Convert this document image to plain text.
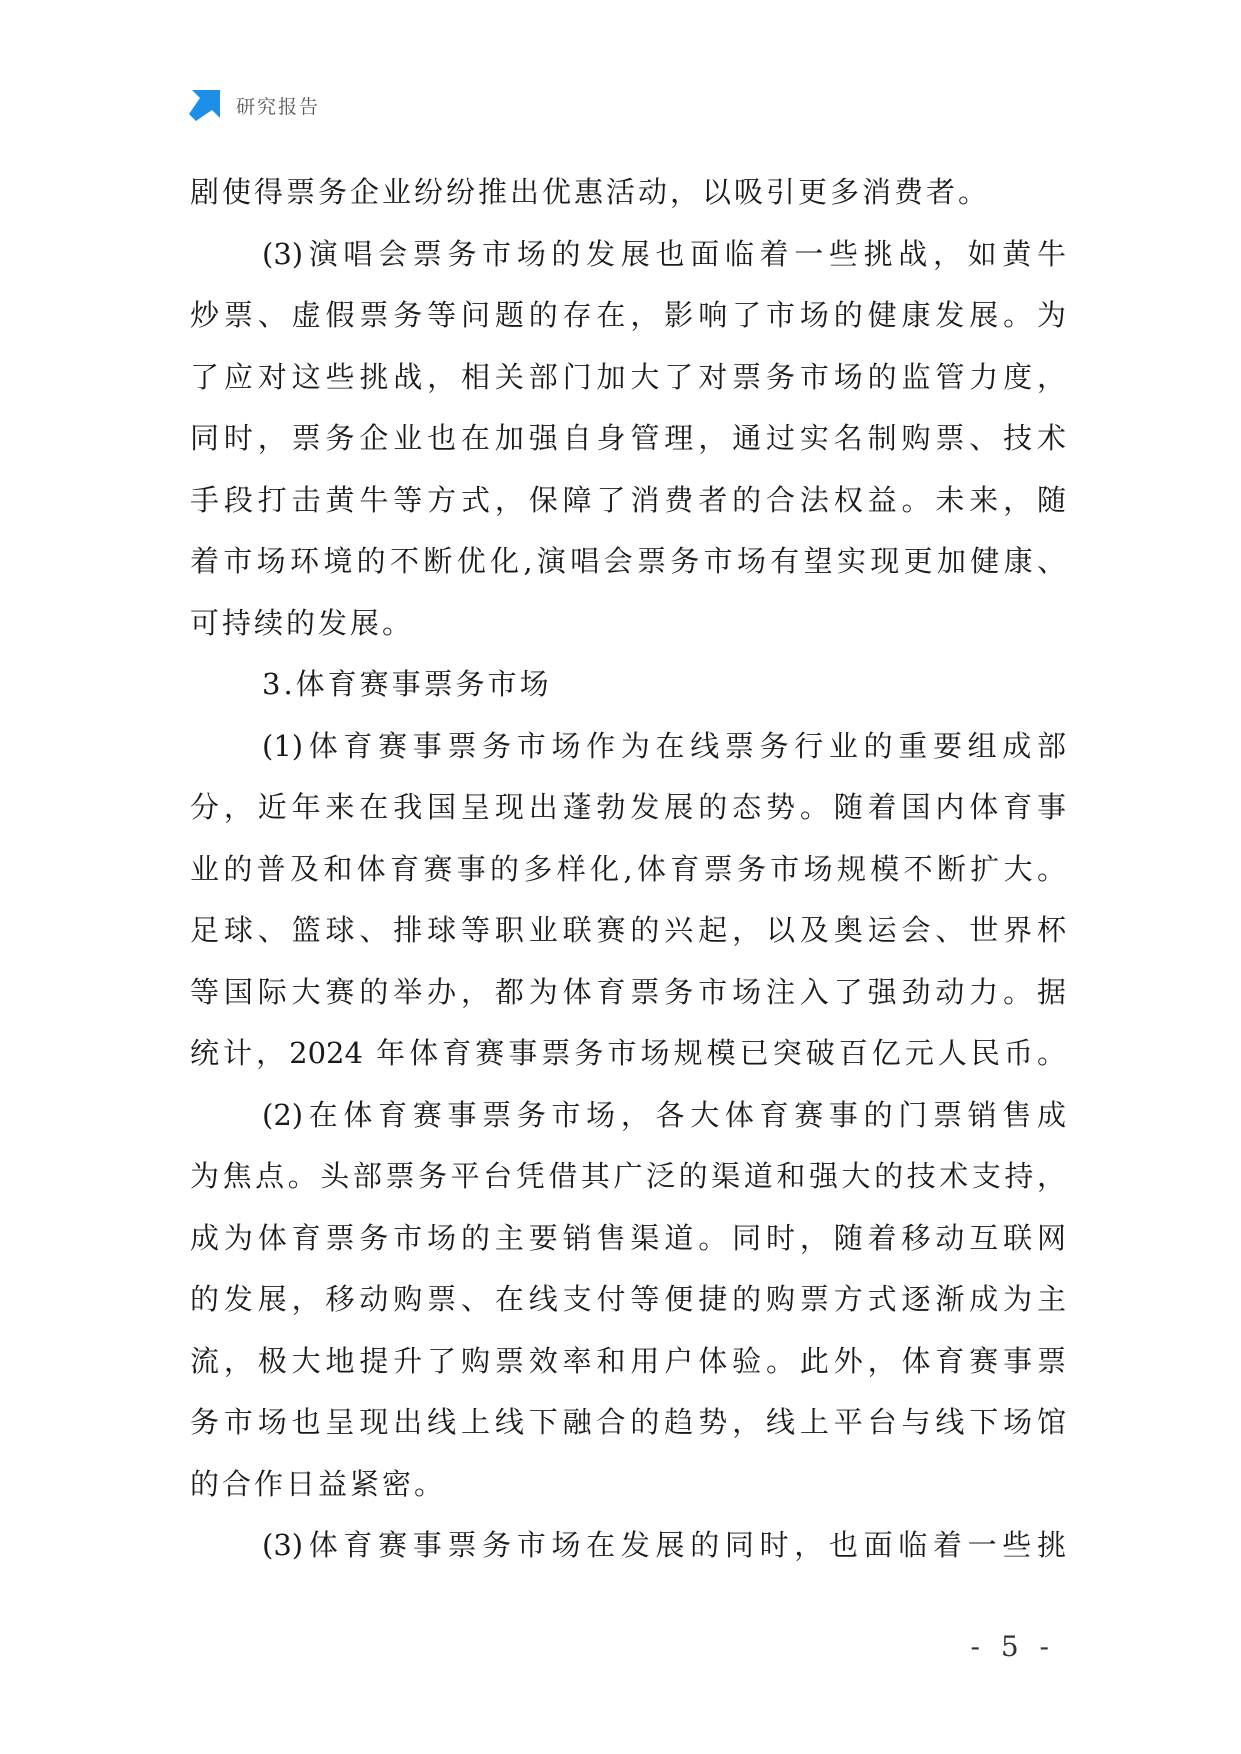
研究报告
剧使得票务企业纷纷推出优惠活动，以吸引更多消费者。
(3)演唱会票务市场的发展也面临着一些挑战，如黄牛
炒票、虚假票务等问题的存在，影响了市场的健康发展。为
了应对这些挑战，相关部门加大了对票务市场的监管力度，
同时，票务企业也在加强自身管理，通过实名制购票、技术
手段打击黄牛等方式，保障了消费者的合法权益。未来，随
着市场环境的不断优化,演唱会票务市场有望实现更加健康、
可持续的发展。
3.体育赛事票务市场
(1)体育赛事票务市场作为在线票务行业的重要组成部
分，近年来在我国呈现出蓬勃发展的态势。随着国内体育事
业的普及和体育赛事的多样化,体育票务市场规模不断扩大。
足球、篮球、排球等职业联赛的兴起，以及奥运会、世界杯
等国际大赛的举办，都为体育票务市场注入了强劲动力。据
统计，2024 年体育赛事票务市场规模已突破百亿元人民币。
(2)在体育赛事票务市场，各大体育赛事的门票销售成
为焦点。头部票务平台凭借其广泛的渠道和强大的技术支持，
成为体育票务市场的主要销售渠道。同时，随着移动互联网
的发展，移动购票、在线支付等便捷的购票方式逐渐成为主
流，极大地提升了购票效率和用户体验。此外，体育赛事票
务市场也呈现出线上线下融合的趋势，线上平台与线下场馆
的合作日益紧密。
(3)体育赛事票务市场在发展的同时，也面临着一些挑
- 5 -
